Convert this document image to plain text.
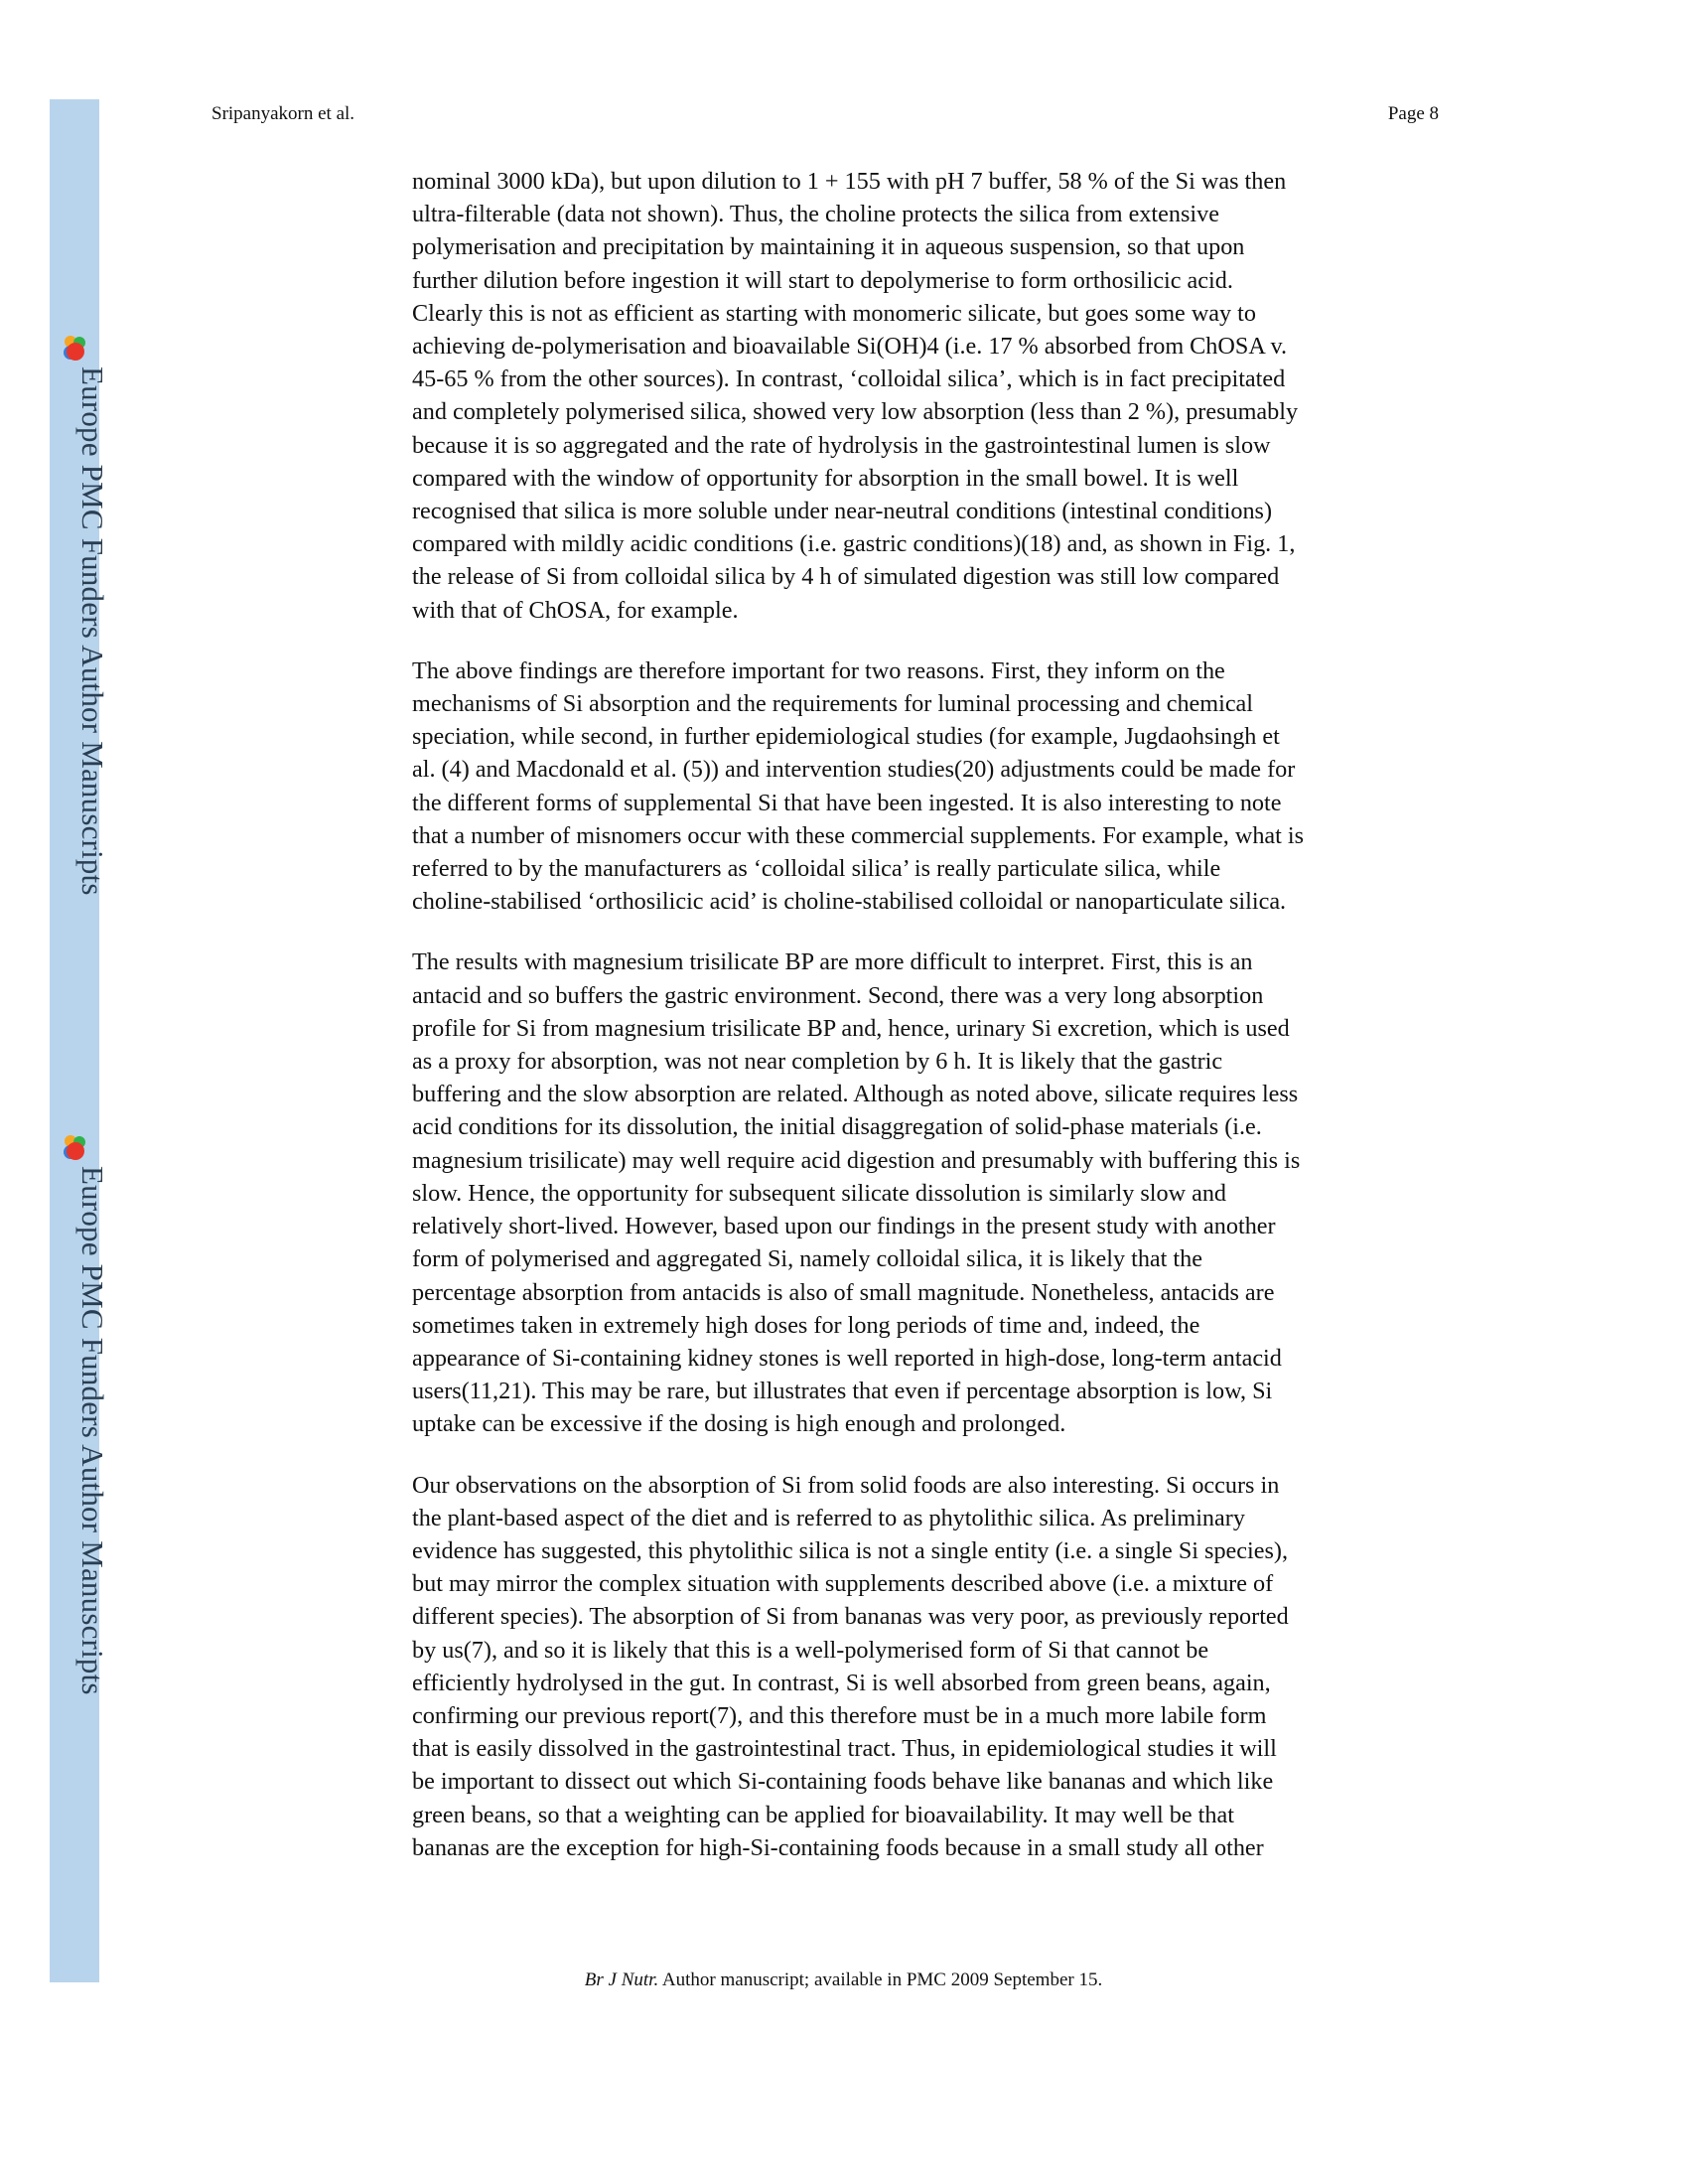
Europe PMC Funders Author Manuscripts
Europe PMC Funders Author Manuscripts
Sripanyakorn et al.	Page 8

nominal 3000 kDa), but upon dilution to 1 + 155 with pH 7 buffer, 58 % of the Si was then
ultra-filterable (data not shown). Thus, the choline protects the silica from extensive
polymerisation and precipitation by maintaining it in aqueous suspension, so that upon
further dilution before ingestion it will start to depolymerise to form orthosilicic acid.
Clearly this is not as efficient as starting with monomeric silicate, but goes some way to
achieving de-polymerisation and bioavailable Si(OH)4 (i.e. 17 % absorbed from ChOSA v.
45-65 % from the other sources). In contrast, ‘colloidal silica’, which is in fact precipitated
and completely polymerised silica, showed very low absorption (less than 2 %), presumably
because it is so aggregated and the rate of hydrolysis in the gastrointestinal lumen is slow
compared with the window of opportunity for absorption in the small bowel. It is well
recognised that silica is more soluble under near-neutral conditions (intestinal conditions)
compared with mildly acidic conditions (i.e. gastric conditions)(18) and, as shown in Fig. 1,
the release of Si from colloidal silica by 4 h of simulated digestion was still low compared
with that of ChOSA, for example.

The above findings are therefore important for two reasons. First, they inform on the
mechanisms of Si absorption and the requirements for luminal processing and chemical
speciation, while second, in further epidemiological studies (for example, Jugdaohsingh et
al. (4) and Macdonald et al. (5)) and intervention studies(20) adjustments could be made for
the different forms of supplemental Si that have been ingested. It is also interesting to note
that a number of misnomers occur with these commercial supplements. For example, what is
referred to by the manufacturers as ‘colloidal silica’ is really particulate silica, while
choline-stabilised ‘orthosilicic acid’ is choline-stabilised colloidal or nanoparticulate silica.

The results with magnesium trisilicate BP are more difficult to interpret. First, this is an
antacid and so buffers the gastric environment. Second, there was a very long absorption
profile for Si from magnesium trisilicate BP and, hence, urinary Si excretion, which is used
as a proxy for absorption, was not near completion by 6 h. It is likely that the gastric
buffering and the slow absorption are related. Although as noted above, silicate requires less
acid conditions for its dissolution, the initial disaggregation of solid-phase materials (i.e.
magnesium trisilicate) may well require acid digestion and presumably with buffering this is
slow. Hence, the opportunity for subsequent silicate dissolution is similarly slow and
relatively short-lived. However, based upon our findings in the present study with another
form of polymerised and aggregated Si, namely colloidal silica, it is likely that the
percentage absorption from antacids is also of small magnitude. Nonetheless, antacids are
sometimes taken in extremely high doses for long periods of time and, indeed, the
appearance of Si-containing kidney stones is well reported in high-dose, long-term antacid
users(11,21). This may be rare, but illustrates that even if percentage absorption is low, Si
uptake can be excessive if the dosing is high enough and prolonged.

Our observations on the absorption of Si from solid foods are also interesting. Si occurs in
the plant-based aspect of the diet and is referred to as phytolithic silica. As preliminary
evidence has suggested, this phytolithic silica is not a single entity (i.e. a single Si species),
but may mirror the complex situation with supplements described above (i.e. a mixture of
different species). The absorption of Si from bananas was very poor, as previously reported
by us(7), and so it is likely that this is a well-polymerised form of Si that cannot be
efficiently hydrolysed in the gut. In contrast, Si is well absorbed from green beans, again,
confirming our previous report(7), and this therefore must be in a much more labile form
that is easily dissolved in the gastrointestinal tract. Thus, in epidemiological studies it will
be important to dissect out which Si-containing foods behave like bananas and which like
green beans, so that a weighting can be applied for bioavailability. It may well be that
bananas are the exception for high-Si-containing foods because in a small study all other

Br J Nutr. Author manuscript; available in PMC 2009 September 15.
